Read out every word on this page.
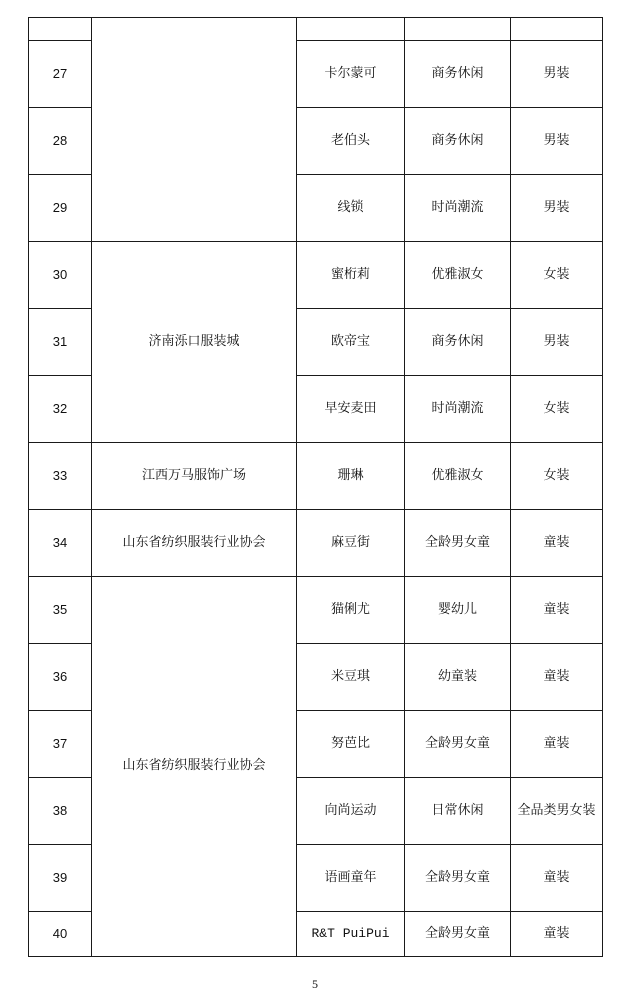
27		卡尔蒙可	商务休闲	男装
28		老伯头	商务休闲	男装
29		线锁	时尚潮流	男装
30	济南泺口服装城	蜜桁莉	优雅淑女	女装
31		欧帝宝	商务休闲	男装
32		早安麦田	时尚潮流	女装
33	江西万马服饰广场	珊琳	优雅淑女	女装
34	山东省纺织服装行业协会	麻豆街	全龄男女童	童装
35	山东省纺织服装行业协会	猫俐尤	婴幼儿	童装
36		米豆琪	幼童装	童装
37		努芭比	全龄男女童	童装
38		向尚运动	日常休闲	全品类男女装
39		语画童年	全龄男女童	童装
40		R&T PuiPui	全龄男女童	童装
5
